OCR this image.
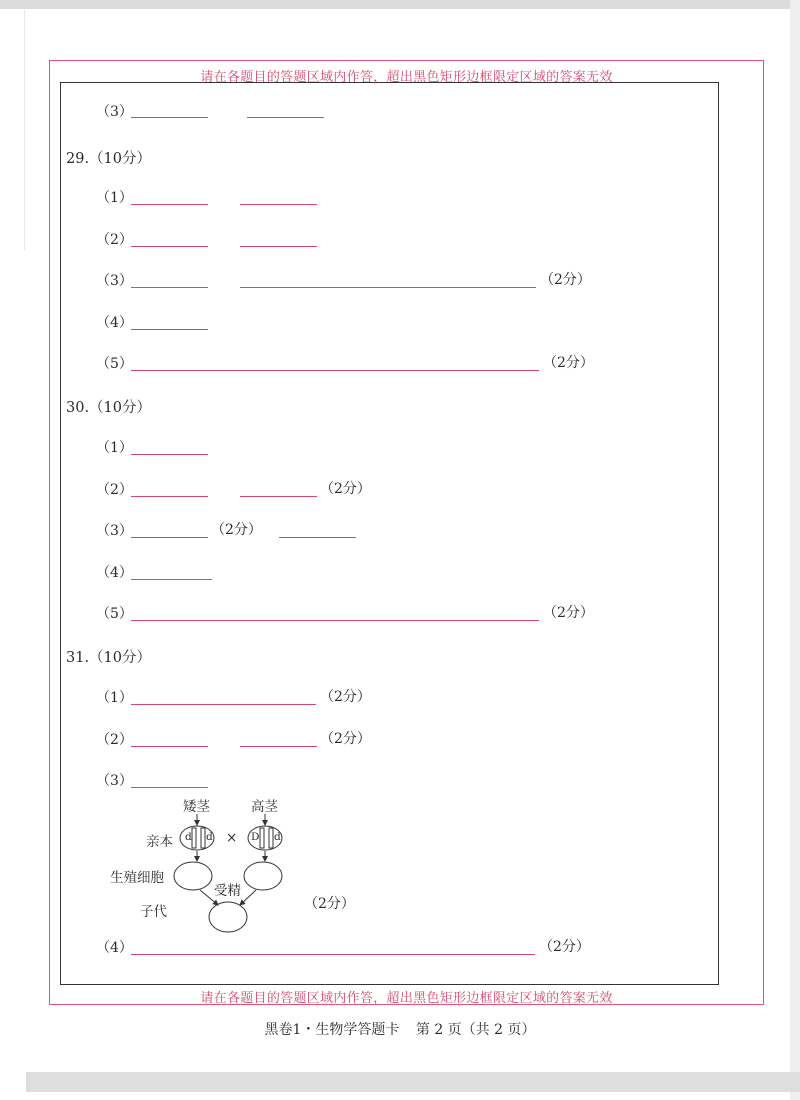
请在各题目的答题区域内作答，超出黑色矩形边框限定区域的答案无效
请在各题目的答题区域内作答，超出黑色矩形边框限定区域的答案无效
（3）
29.（10分）
（1）
（2）
（3）	（2分）
（4）
（5）	（2分）
30.（10分）
（1）
（2）	（2分）
（3）	（2分）
（4）
（5）	（2分）
31.（10分）
（1）	（2分）
（2）	（2分）
（3）
矮茎	高茎
亲本	×
生殖细胞
受精
子代
d d	D d
（2分）
（4）	（2分）
黑卷1・生物学答题卡 第 2 页（共 2 页）
